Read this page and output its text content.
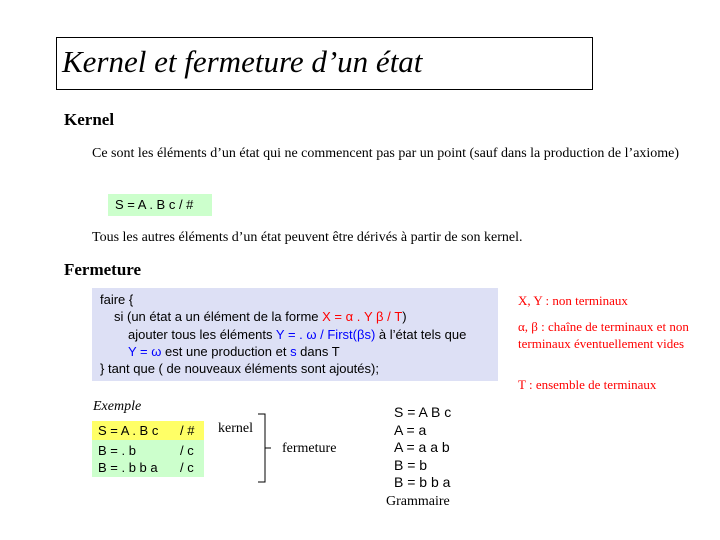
Kernel et fermeture d’un état
Kernel
Ce sont les éléments d’un état qui ne commencent pas par un point (sauf dans la production de l’axiome)
S = A . B c / #
Tous les autres éléments d’un état peuvent être dérivés à partir de son kernel.
Fermeture
faire {
si (un état a un élément de la forme X = α . Y β / T)
ajouter tous les éléments Y = . ω / First(βs) à l’état tels que
Y = ω est une production et s dans T
} tant que ( de nouveaux éléments sont ajoutés);
X, Y : non terminaux
α, β : chaîne de terminaux et non terminaux éventuellement vides
T : ensemble de terminaux
Exemple
S = A . B c / #
B = . b	/ c
B = . b b a / c
kernel
fermeture
S = A B c
A = a
A = a a b
B = b
B = b b a
Grammaire
